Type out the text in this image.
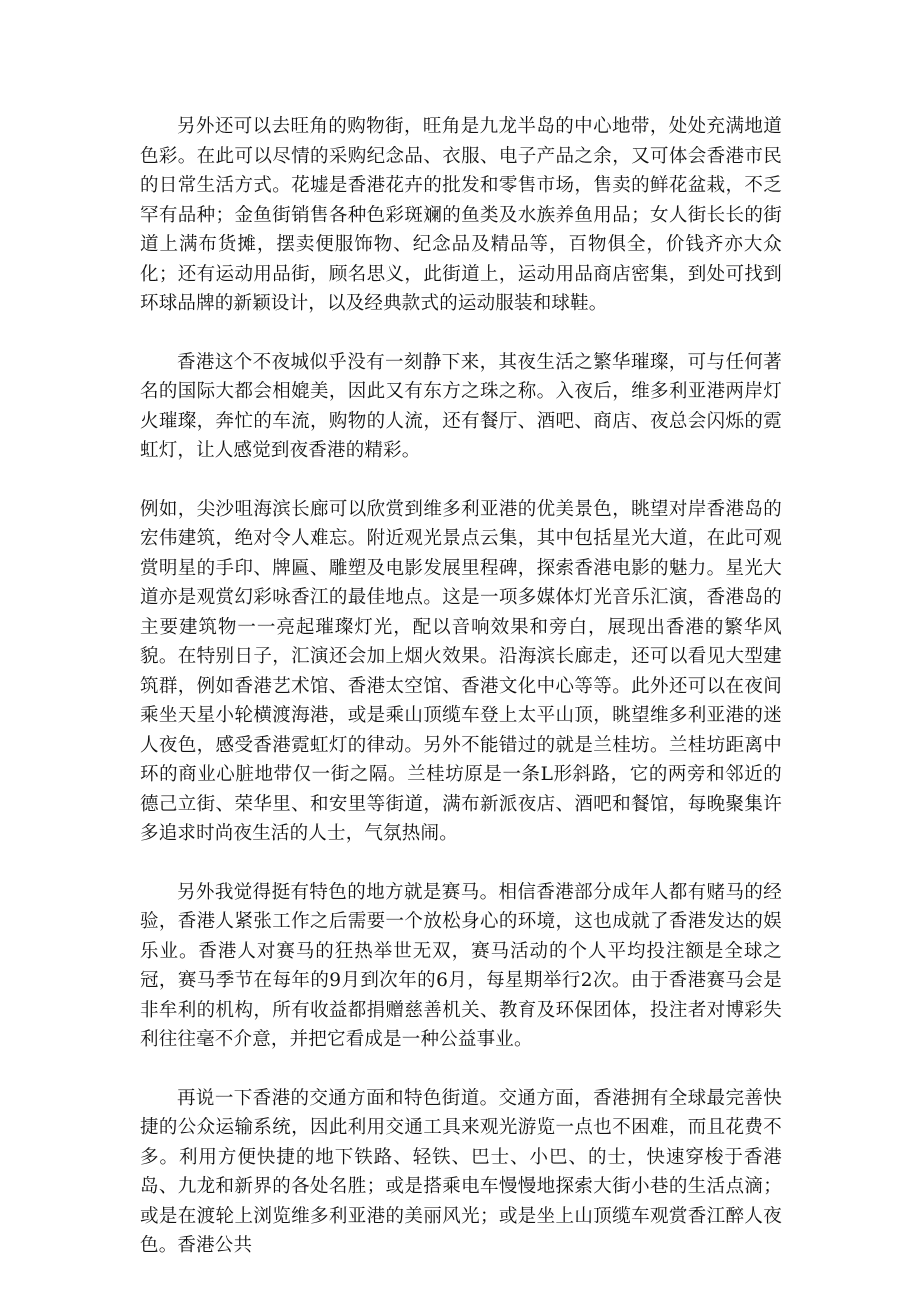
另外还可以去旺角的购物街，旺角是九龙半岛的中心地带，处处充满地道色彩。在此可以尽情的采购纪念品、衣服、电子产品之余，又可体会香港市民的日常生活方式。花墟是香港花卉的批发和零售市场，售卖的鲜花盆栽，不乏罕有品种；金鱼街销售各种色彩斑斓的鱼类及水族养鱼用品；女人街长长的街道上满布货摊，摆卖便服饰物、纪念品及精品等，百物俱全，价钱齐亦大众化；还有运动用品街，顾名思义，此街道上，运动用品商店密集，到处可找到环球品牌的新颖设计，以及经典款式的运动服装和球鞋。

香港这个不夜城似乎没有一刻静下来，其夜生活之繁华璀璨，可与任何著名的国际大都会相媲美，因此又有东方之珠之称。入夜后，维多利亚港两岸灯火璀璨，奔忙的车流，购物的人流，还有餐厅、酒吧、商店、夜总会闪烁的霓虹灯，让人感觉到夜香港的精彩。

例如，尖沙咀海滨长廊可以欣赏到维多利亚港的优美景色，眺望对岸香港岛的宏伟建筑，绝对令人难忘。附近观光景点云集，其中包括星光大道，在此可观赏明星的手印、牌匾、雕塑及电影发展里程碑，探索香港电影的魅力。星光大道亦是观赏幻彩咏香江的最佳地点。这是一项多媒体灯光音乐汇演，香港岛的主要建筑物一一亮起璀璨灯光，配以音响效果和旁白，展现出香港的繁华风貌。在特别日子，汇演还会加上烟火效果。沿海滨长廊走，还可以看见大型建筑群，例如香港艺术馆、香港太空馆、香港文化中心等等。此外还可以在夜间乘坐天星小轮横渡海港，或是乘山顶缆车登上太平山顶，眺望维多利亚港的迷人夜色，感受香港霓虹灯的律动。另外不能错过的就是兰桂坊。兰桂坊距离中环的商业心脏地带仅一街之隔。兰桂坊原是一条L形斜路，它的两旁和邻近的德己立街、荣华里、和安里等街道，满布新派夜店、酒吧和餐馆，每晚聚集许多追求时尚夜生活的人士，气氛热闹。

另外我觉得挺有特色的地方就是赛马。相信香港部分成年人都有赌马的经验，香港人紧张工作之后需要一个放松身心的环境，这也成就了香港发达的娱乐业。香港人对赛马的狂热举世无双，赛马活动的个人平均投注额是全球之冠，赛马季节在每年的9月到次年的6月，每星期举行2次。由于香港赛马会是非牟利的机构，所有收益都捐赠慈善机关、教育及环保团体，投注者对博彩失利往往毫不介意，并把它看成是一种公益事业。

再说一下香港的交通方面和特色街道。交通方面，香港拥有全球最完善快捷的公众运输系统，因此利用交通工具来观光游览一点也不困难，而且花费不多。利用方便快捷的地下铁路、轻铁、巴士、小巴、的士，快速穿梭于香港岛、九龙和新界的各处名胜；或是搭乘电车慢慢地探索大街小巷的生活点滴；或是在渡轮上浏览维多利亚港的美丽风光；或是坐上山顶缆车观赏香江醉人夜色。香港公共
